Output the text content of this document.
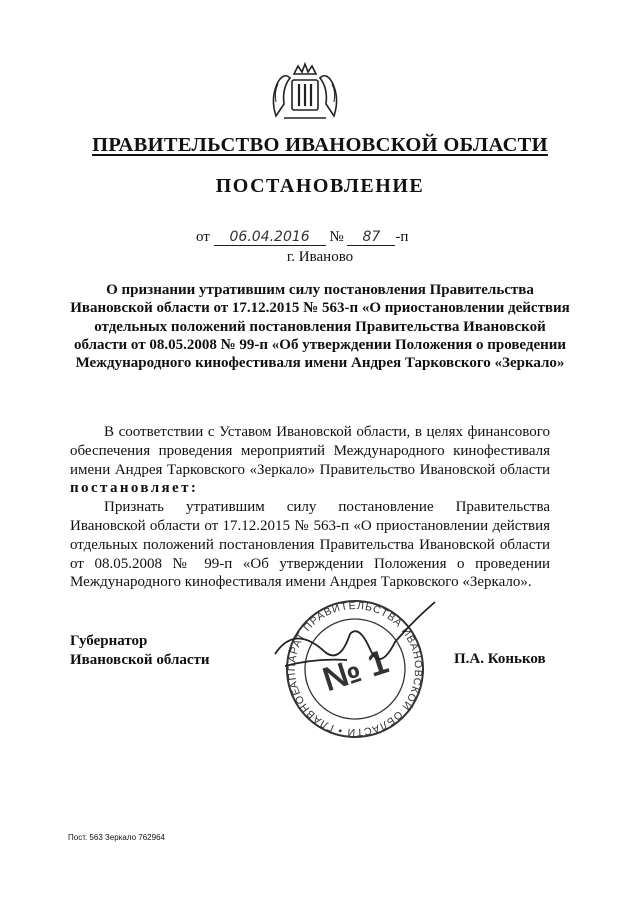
ПРАВИТЕЛЬСТВО ИВАНОВСКОЙ ОБЛАСТИ
ПОСТАНОВЛЕНИЕ
от 06.04.2016 № 87 -п
г. Иваново
О признании утратившим силу постановления Правительства Ивановской области от 17.12.2015 № 563-п «О приостановлении действия отдельных положений постановления Правительства Ивановской области от 08.05.2008 № 99-п «Об утверждении Положения о проведении Международного кинофестиваля имени Андрея Тарковского «Зеркало»

В соответствии с Уставом Ивановской области, в целях финансового обеспечения проведения мероприятий Международного кинофестиваля имени Андрея Тарковского «Зеркало» Правительство Ивановской области постановляет:

Признать утратившим силу постановление Правительства Ивановской области от 17.12.2015 № 563-п «О приостановлении действия отдельных положений постановления Правительства Ивановской области от 08.05.2008 № 99-п «Об утверждении Положения о проведении Международного кинофестиваля имени Андрея Тарковского «Зеркало».

Губернатор
Ивановской области
АППАРАТ ПРАВИТЕЛЬСТВА ИВАНОВСКОЙ ОБЛАСТИ • ГЛАВНОЕ № 1	П.А. Коньков
Пост. 563 Зеркало 762964
